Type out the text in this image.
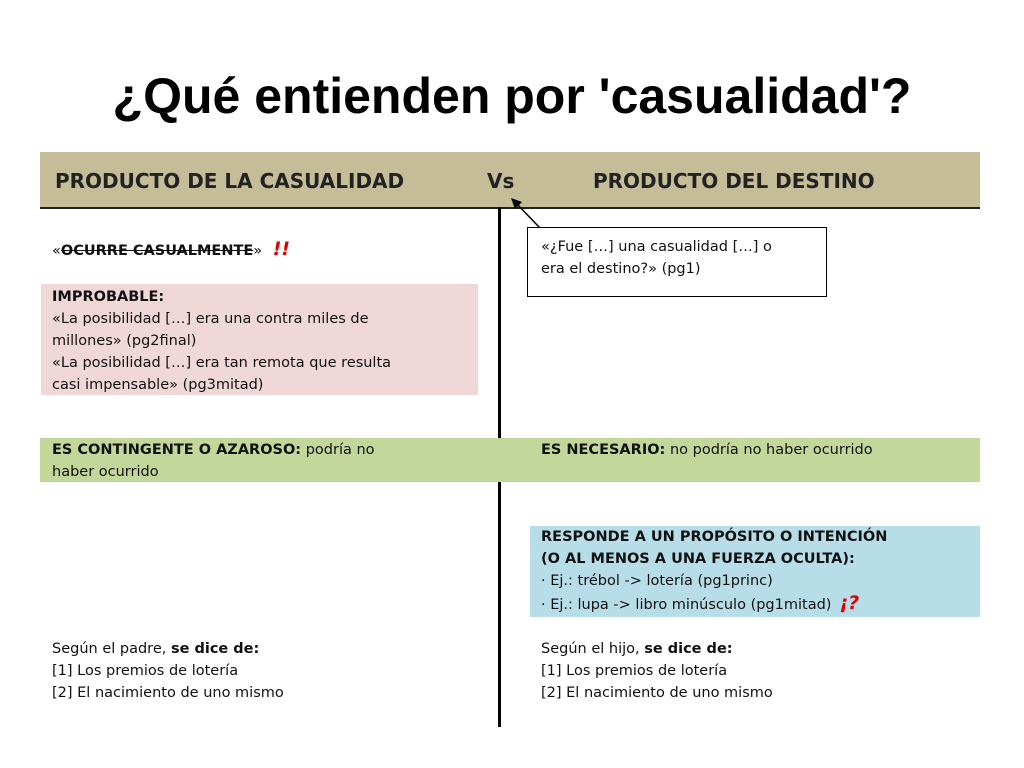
¿Qué entienden por 'casualidad'?
PRODUCTO DE LA CASUALIDAD	Vs	PRODUCTO DEL DESTINO
«OCURRE CASUALMENTE» !!
IMPROBABLE:
«La posibilidad […] era una contra miles de
millones» (pg2final)
«La posibilidad […] era tan remota que resulta
casi impensable» (pg3mitad)
ES CONTINGENTE O AZAROSO: podría no
haber ocurrido
Según el padre, se dice de:
[1] Los premios de lotería
[2] El nacimiento de uno mismo
«¿Fue […] una casualidad […] o
era el destino?» (pg1)
ES NECESARIO: no podría no haber ocurrido
RESPONDE A UN PROPÓSITO O INTENCIÓN
(O AL MENOS A UNA FUERZA OCULTA):
· Ej.: trébol -> lotería (pg1princ)
· Ej.: lupa -> libro minúsculo (pg1mitad) ¡?
Según el hijo, se dice de:
[1] Los premios de lotería
[2] El nacimiento de uno mismo
